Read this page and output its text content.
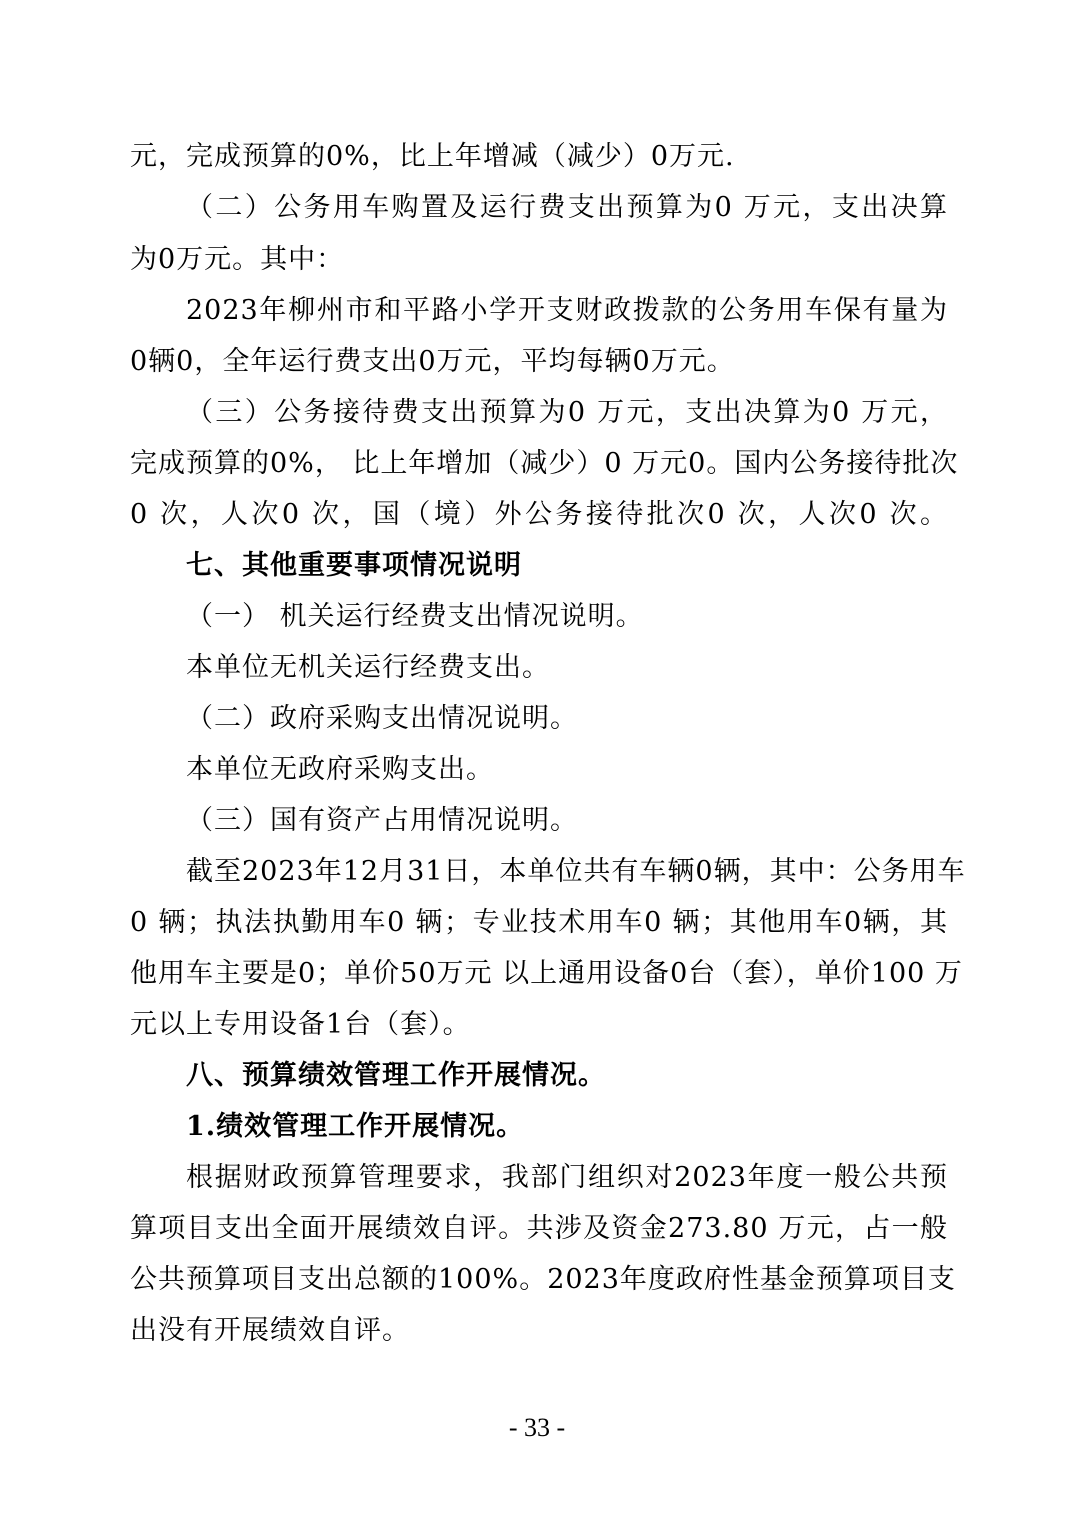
元，完成预算的0%，比上年增减（减少）0万元.
（二）公务用车购置及运行费支出预算为0 万元，支出决算
为0万元。其中：
2023年柳州市和平路小学开支财政拨款的公务用车保有量为
0辆0，全年运行费支出0万元，平均每辆0万元。
（三）公务接待费支出预算为0 万元，支出决算为0 万元，
完成预算的0%， 比上年增加（减少）0 万元0。国内公务接待批次
0 次，人次0 次，国（境）外公务接待批次0 次，人次0 次。
七、其他重要事项情况说明
（一） 机关运行经费支出情况说明。
本单位无机关运行经费支出。
（二）政府采购支出情况说明。
本单位无政府采购支出。
（三）国有资产占用情况说明。
截至2023年12月31日，本单位共有车辆0辆，其中：公务用车
0 辆；执法执勤用车0 辆；专业技术用车0 辆；其他用车0辆，其
他用车主要是0；单价50万元 以上通用设备0台（套），单价100 万
元以上专用设备1台（套）。
八、预算绩效管理工作开展情况。
1.绩效管理工作开展情况。
根据财政预算管理要求，我部门组织对2023年度一般公共预
算项目支出全面开展绩效自评。共涉及资金273.80 万元，占一般
公共预算项目支出总额的100%。2023年度政府性基金预算项目支
出没有开展绩效自评。
- 33 -
